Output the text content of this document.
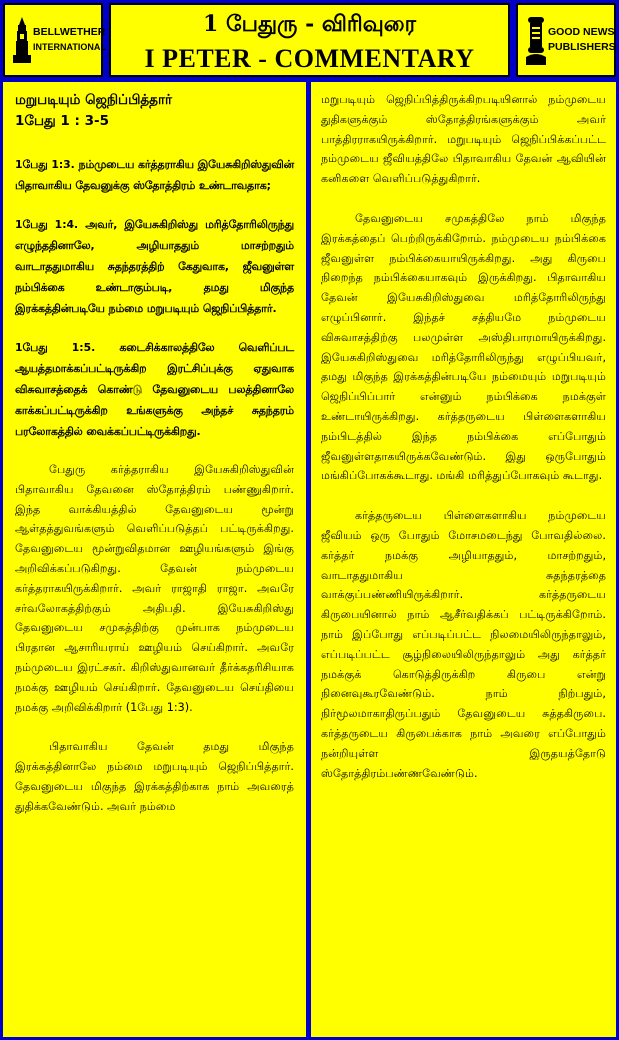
BELLWETHER
INTERNATIONAL
1 பேதுரு - விரிவுரை
I PETER - COMMENTARY
GOOD NEWS
PUBLISHERS
மறுபடியும் ஜெநிப்பித்தார்
1பேது 1 : 3-5

1பேது 1:3. நம்முடைய கர்த்தராகிய இயேசுகிறிஸ்துவின் பிதாவாகிய தேவனுக்கு ஸ்தோத்திரம் உண்டாவதாக;

1பேது 1:4. அவர், இயேசுகிறிஸ்து மரித்தோரிலிருந்து எழுந்ததினாலே, அழியாததும் மாசற்றதும் வாடாததுமாகிய சுதந்தரத்திற் கேதுவாக, ஜீவனுள்ள நம்பிக்கை உண்டாகும்படி, தமது மிகுந்த இரக்கத்தின்படியே நம்மை மறுபடியும் ஜெநிப்பித்தார்.

1பேது 1:5. கடைசிக்காலத்திலே வெளிப்பட ஆயத்தமாக்கப்பட்டிருக்கிற இரட்சிப்புக்கு ஏதுவாக விசுவாசத்தைக் கொண்டு தேவனுடைய பலத்தினாலே காக்கப்பட்டிருக்கிற உங்களுக்கு அந்தச் சுதந்தரம் பரலோகத்தில் வைக்கப்பட்டிருக்கிறது.

பேதுரு கர்த்தராகிய இயேசுகிறிஸ்துவின் பிதாவாகிய தேவனை ஸ்தோத்திரம் பண்ணுகிறார். இந்த வாக்கியத்தில் தேவனுடைய மூன்று ஆள்தத்துவங்களும் வெளிப்படுத்தப் பட்டிருக்கிறது. தேவனுடைய மூன்றுவிதமான ஊழியங்களும் இங்கு அறிவிக்கப்படுகிறது. தேவன் நம்முடைய கர்த்தராகயிருக்கிறார். அவர் ராஜாதி ராஜா. அவரே சர்வலோகத்திற்கும் அதிபதி. இயேசுகிறிஸ்து தேவனுடைய சமுகத்திற்கு முன்பாக நம்முடைய பிரதான ஆசாரியராய் ஊழியம் செய்கிறார். அவரே நம்முடைய இரட்சகர். கிறிஸ்துவானவர் தீர்க்கதரிசியாக நமக்கு ஊழியம் செய்கிறார். தேவனுடைய செய்தியை நமக்கு அறிவிக்கிறார் (1பேது 1:3).

பிதாவாகிய தேவன் தமது மிகுந்த இரக்கத்தினாலே நம்மை மறுபடியும் ஜெநிப்பித்தார். தேவனுடைய மிகுந்த இரக்கத்திற்காக நாம் அவரைத் துதிக்கவேண்டும். அவர் நம்மை

மறுபடியும் ஜெநிப்பித்திருக்கிறபடியினால் நம்முடைய துதிகளுக்கும் ஸ்தோத்திரங்களுக்கும் அவர் பாத்திரராகயிருக்கிறார். மறுபடியும் ஜெநிப்பிக்கப்பட்ட நம்முடைய ஜீவியத்திலே பிதாவாகிய தேவன் ஆவியின் கனிகளை வெளிப்படுத்துகிறார்.

தேவனுடைய சமுகத்திலே நாம் மிகுந்த இரக்கத்தைப் பெற்றிருக்கிறோம். நம்முடைய நம்பிக்கை ஜீவனுள்ள நம்பிக்கையாயிருக்கிறது. அது கிருபை நிறைந்த நம்பிக்கையாகவும் இருக்கிறது. பிதாவாகிய தேவன் இயேசுகிறிஸ்துவை மரித்தோரிலிருந்து எழுப்பினார். இந்தச் சத்தியமே நம்முடைய விசுவாசத்திற்கு பலமுள்ள அஸ்திபாரமாயிருக்கிறது. இயேசுகிறிஸ்துவை மரித்தோரிலிருந்து எழுப்பியவர், தமது மிகுந்த இரக்கத்தின்படியே நம்மையும் மறுபடியும் ஜெநிப்பிப்பார் என்னும் நம்பிக்கை நமக்குள் உண்டாயிருக்கிறது. கர்த்தருடைய பிள்ளைகளாகிய நம்பிடத்தில் இந்த நம்பிக்கை எப்போதும் ஜீவனுள்ளதாகயிருக்கவேண்டும். இது ஒருபோதும் மங்கிப்போகக்கூடாது. மங்கி மரித்துப்போகவும் கூடாது.

கர்த்தருடைய பிள்ளைகளாகிய நம்முடைய ஜீவியம் ஒரு போதும் மோசமடைந்து போவதில்லை. கர்த்தர் நமக்கு அழியாததும், மாசற்றதும், வாடாததுமாகிய சுதந்தரத்தை வாக்குப்பண்ணியிருக்கிறார். கர்த்தருடைய கிருபையினால் நாம் ஆசீர்வதிக்கப் பட்டிருக்கிறோம். நாம் இப்போது எப்படிப்பட்ட நிலமையிலிருந்தாலும், எப்படிப்பட்ட சூழ்நிலையிலிருந்தாலும் அது கர்த்தர் நமக்குக் கொடுத்திருக்கிற கிருபை என்று நினைவுகூரவேண்டும். நாம் நிற்பதும், நிர்மூலமாகாதிருப்பதும் தேவனுடைய சுத்தகிருபை. கர்த்தருடைய கிருபைக்காக நாம் அவரை எப்போதும் நன்றியுள்ள இருதயத்தோடு ஸ்தோத்திரம்பண்ணவேண்டும்.
